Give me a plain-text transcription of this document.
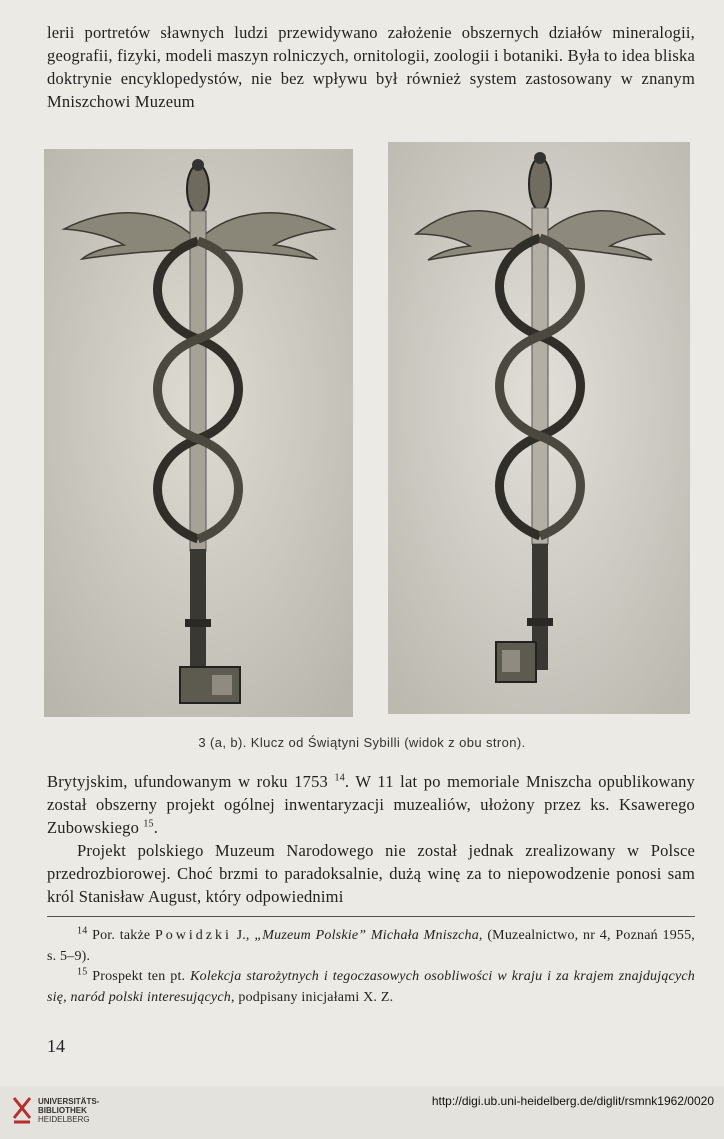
lerii portretów sławnych ludzi przewidywano założenie obszernych działów mineralogii, geografii, fizyki, modeli maszyn rolniczych, ornitologii, zoologii i botaniki. Była to idea bliska doktrynie encyklopedystów, nie bez wpływu był również system zastosowany w znanym Mniszchowi Muzeum

3 (a, b). Klucz od Świątyni Sybilli (widok z obu stron).

Brytyjskim, ufundowanym w roku 1753 $^{14}$. W 11 lat po memoriale Mniszcha opublikowany został obszerny projekt ogólnej inwentaryzacji muzealiów, ułożony przez ks. Ksawerego Zubowskiego $^{15}$.

Projekt polskiego Muzeum Narodowego nie został jednak zrealizowany w Polsce przedrozbiorowej. Choć brzmi to paradoksalnie, dużą winę za to niepowodzenie ponosi sam król Stanisław August, który odpowiednimi

$^{14}$ Por. także Powidzki J., „Muzeum Polskie” Michała Mniszcha, (Muzealnictwo, nr 4, Poznań 1955, s. 5–9).

$^{15}$ Prospekt ten pt. Kolekcja starożytnych i tegoczasowych osobliwości w kraju i za krajem znajdujących się, naród polski interesujących, podpisany inicjałami X. Z.

14
UNIVERSITÄTS-
BIBLIOTHEK
HEIDELBERG
http://digi.ub.uni-heidelberg.de/diglit/rsmnk1962/0020
